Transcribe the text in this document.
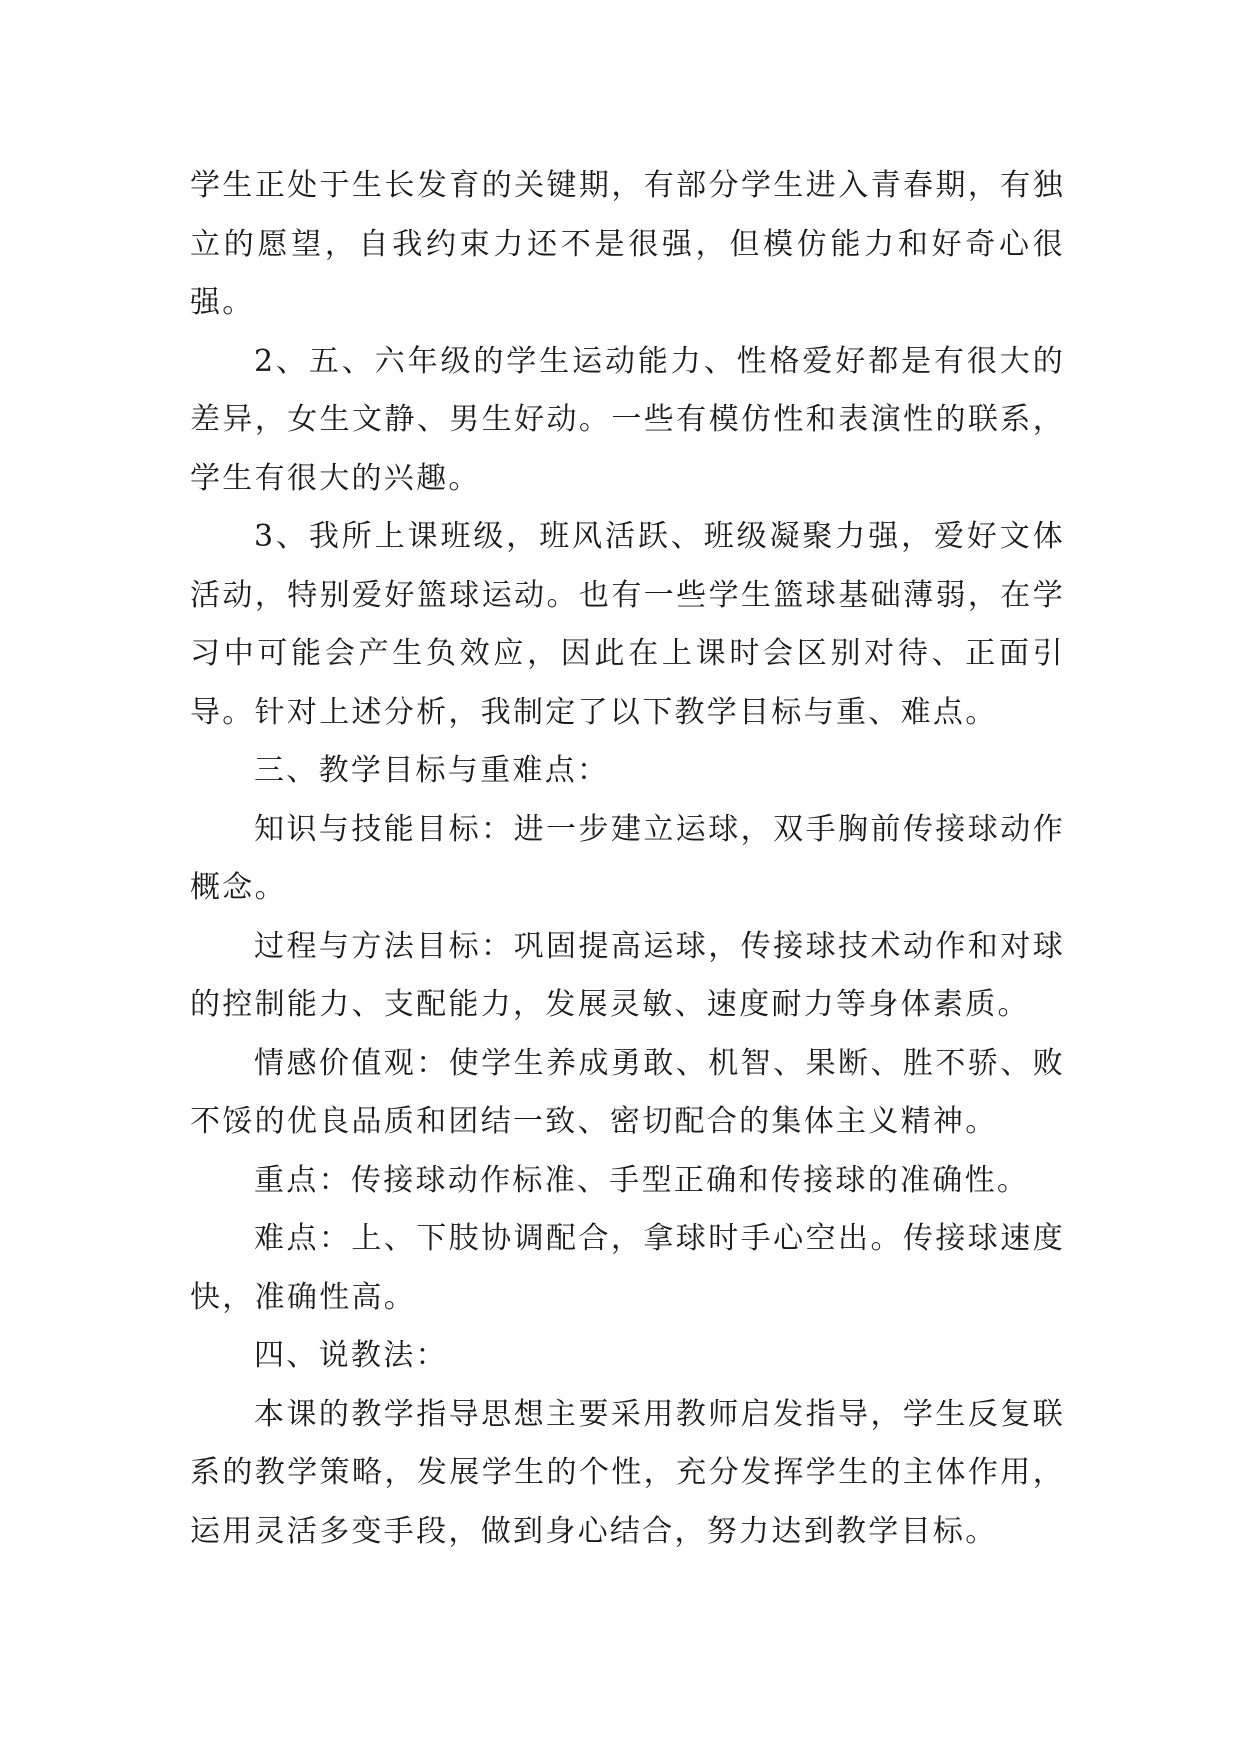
学生正处于生长发育的关键期，有部分学生进入青春期，有独立的愿望，自我约束力还不是很强，但模仿能力和好奇心很强。

2、五、六年级的学生运动能力、性格爱好都是有很大的差异，女生文静、男生好动。一些有模仿性和表演性的联系，学生有很大的兴趣。

3、我所上课班级，班风活跃、班级凝聚力强，爱好文体活动，特别爱好篮球运动。也有一些学生篮球基础薄弱，在学习中可能会产生负效应，因此在上课时会区别对待、正面引导。针对上述分析，我制定了以下教学目标与重、难点。

三、教学目标与重难点：

知识与技能目标：进一步建立运球，双手胸前传接球动作概念。

过程与方法目标：巩固提高运球，传接球技术动作和对球的控制能力、支配能力，发展灵敏、速度耐力等身体素质。

情感价值观：使学生养成勇敢、机智、果断、胜不骄、败不馁的优良品质和团结一致、密切配合的集体主义精神。

重点：传接球动作标准、手型正确和传接球的准确性。

难点：上、下肢协调配合，拿球时手心空出。传接球速度快，准确性高。

四、说教法：

本课的教学指导思想主要采用教师启发指导，学生反复联系的教学策略，发展学生的个性，充分发挥学生的主体作用，运用灵活多变手段，做到身心结合，努力达到教学目标。
